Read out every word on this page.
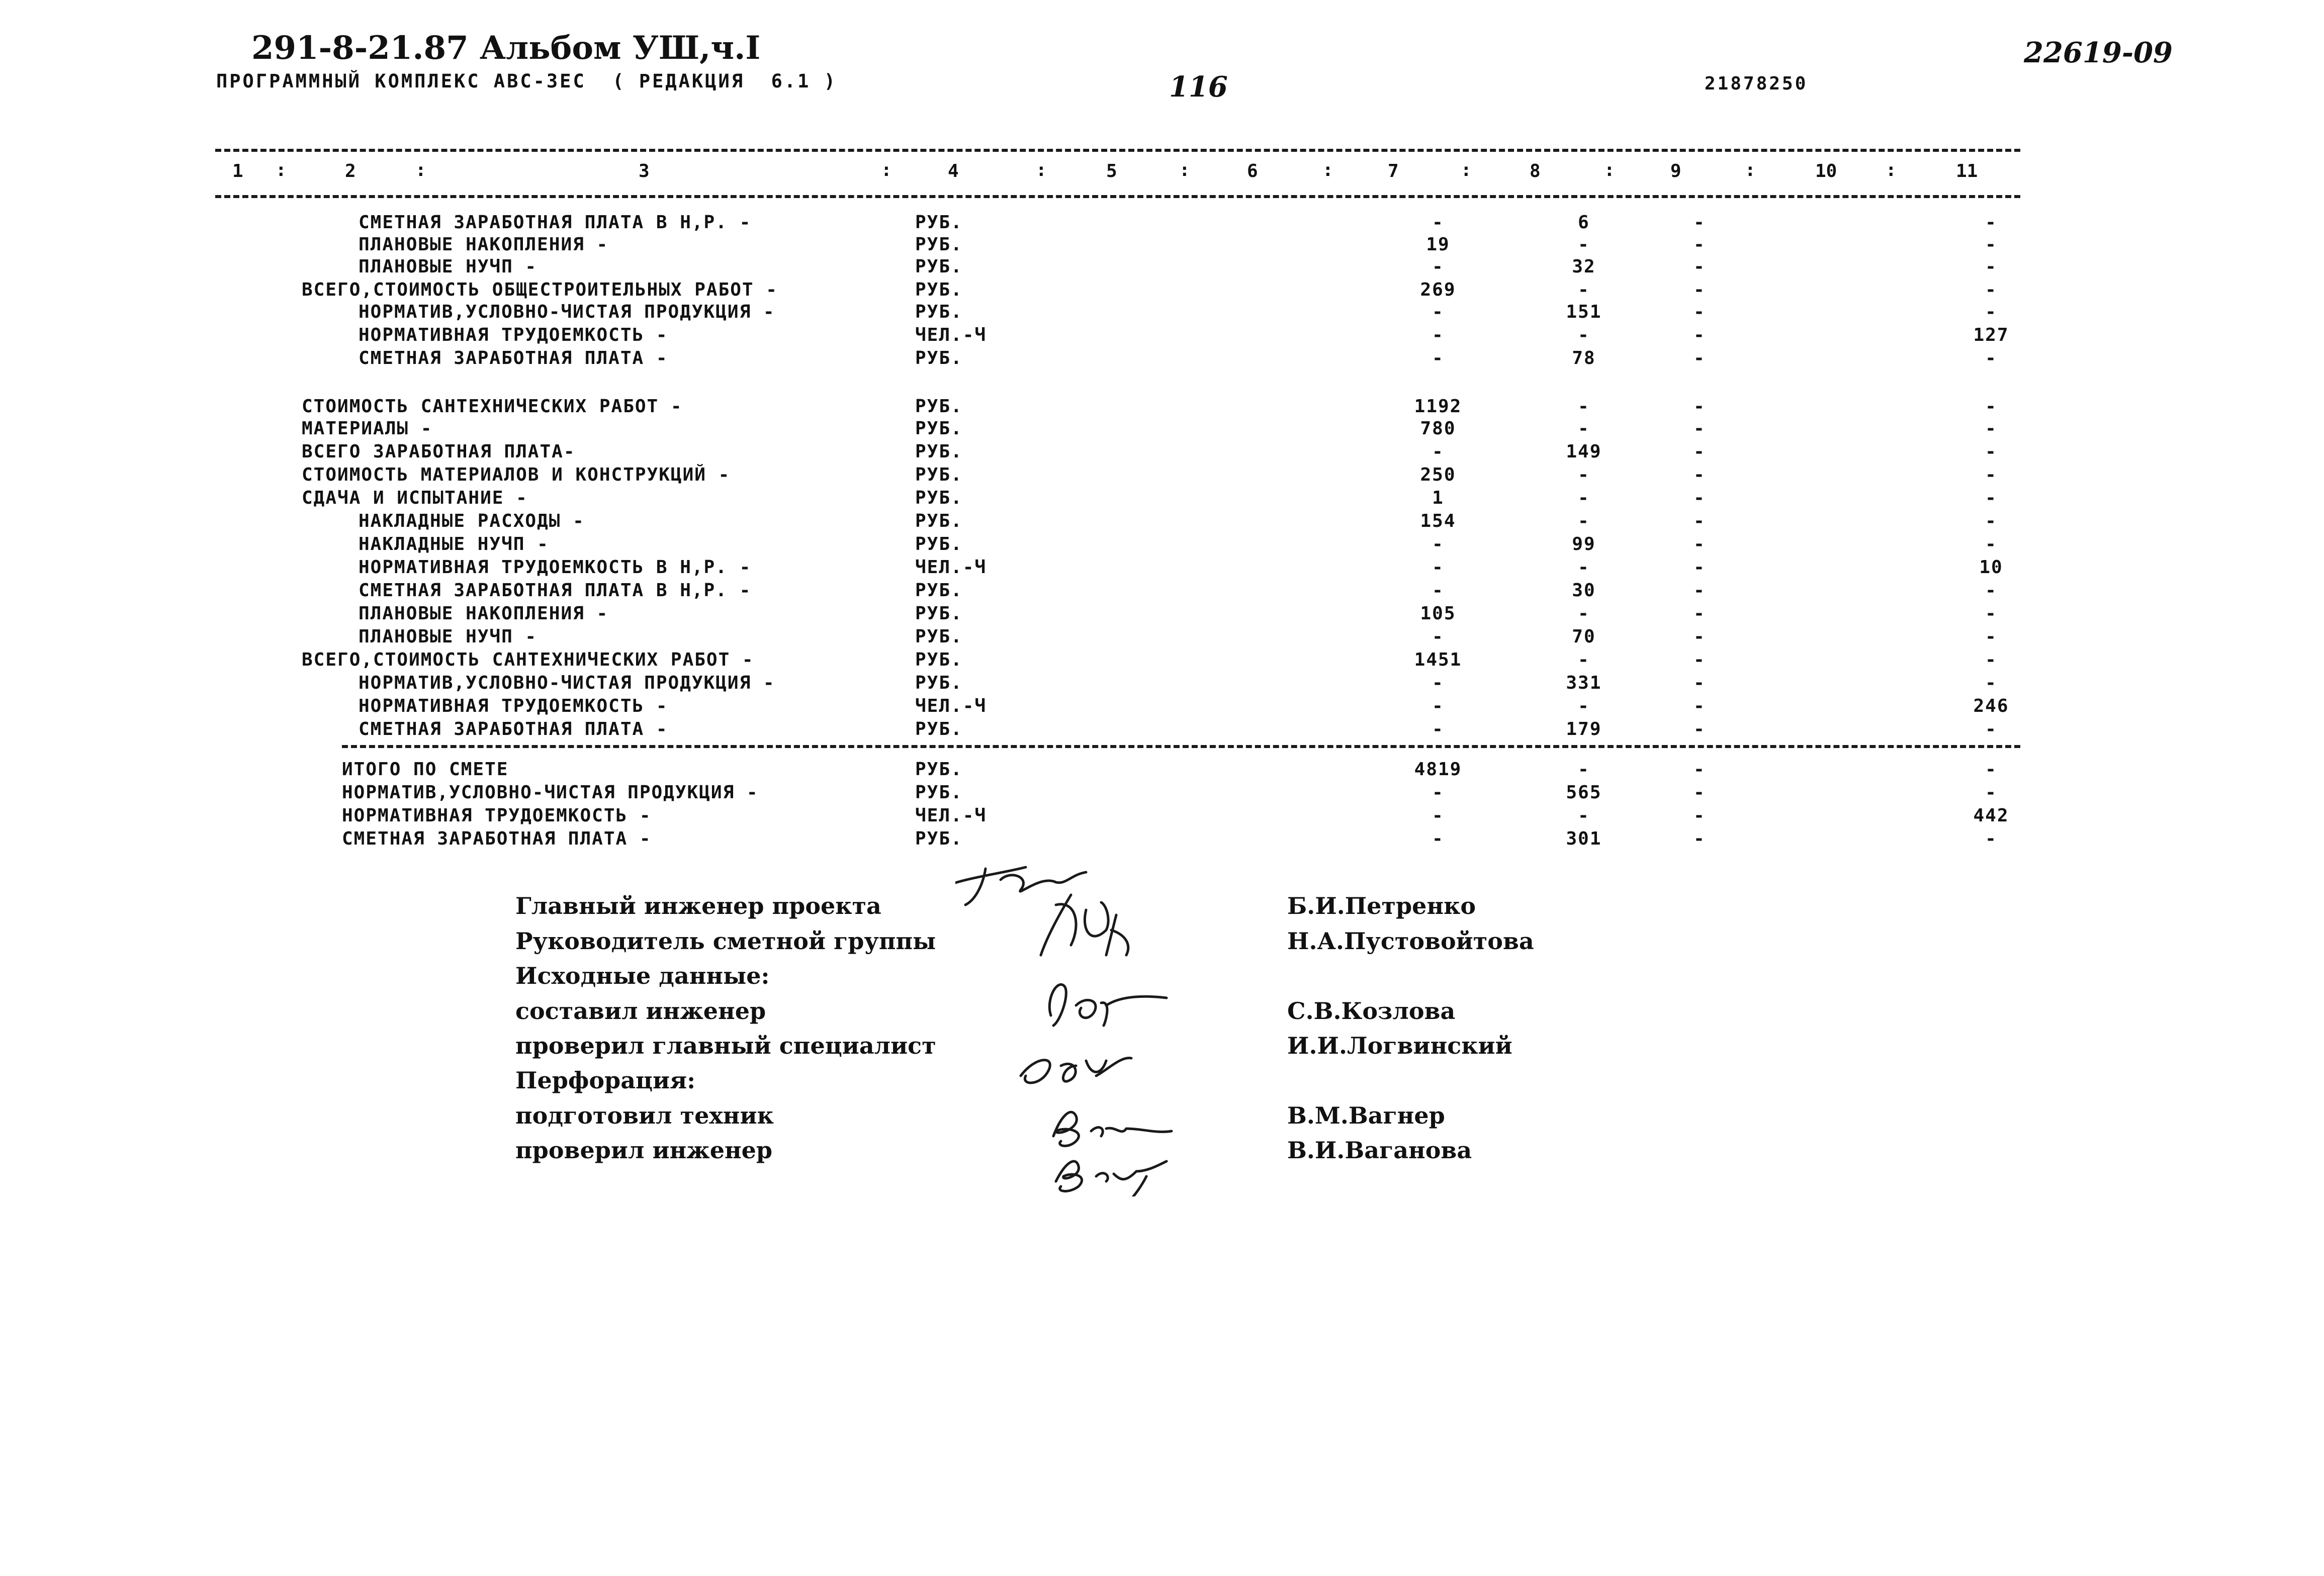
291-8-21.87 Альбом УШ,ч.I
ПРОГРАММНЫЙ КОМПЛЕКС АВС-3ЕС  ( РЕДАКЦИЯ  6.1 )	116	21878250
22619-09
1 :	2	:	3	:	4	:	5	:	6	:	7	:	8	:	9	:	10	:	11
СМЕТНАЯ ЗАРАБОТНАЯ ПЛАТА В Н,Р. -	РУБ.	-	6	-	-
ПЛАНОВЫЕ НАКОПЛЕНИЯ -	РУБ.	19	-	-	-
ПЛАНОВЫЕ НУЧП -	РУБ.	-	32	-	-
ВСЕГО,СТОИМОСТЬ ОБЩЕСТРОИТЕЛЬНЫХ РАБОТ -	РУБ.	269	-	-	-
НОРМАТИВ,УСЛОВНО-ЧИСТАЯ ПРОДУКЦИЯ -	РУБ.	-	151	-	-
НОРМАТИВНАЯ ТРУДОЕМКОСТЬ -	ЧЕЛ.-Ч	-	-	-	127
СМЕТНАЯ ЗАРАБОТНАЯ ПЛАТА -	РУБ.	-	78	-	-
СТОИМОСТЬ САНТЕХНИЧЕСКИХ РАБОТ -	РУБ.	1192	-	-	-
МАТЕРИАЛЫ -	РУБ.	780	-	-	-
ВСЕГО ЗАРАБОТНАЯ ПЛАТА-	РУБ.	-	149	-	-
СТОИМОСТЬ МАТЕРИАЛОВ И КОНСТРУКЦИЙ -	РУБ.	250	-	-	-
СДАЧА И ИСПЫТАНИЕ -	РУБ.	1	-	-	-
НАКЛАДНЫЕ РАСХОДЫ -	РУБ.	154	-	-	-
НАКЛАДНЫЕ НУЧП -	РУБ.	-	99	-	-
НОРМАТИВНАЯ ТРУДОЕМКОСТЬ В Н,Р. -	ЧЕЛ.-Ч	-	-	-	10
СМЕТНАЯ ЗАРАБОТНАЯ ПЛАТА В Н,Р. -	РУБ.	-	30	-	-
ПЛАНОВЫЕ НАКОПЛЕНИЯ -	РУБ.	105	-	-	-
ПЛАНОВЫЕ НУЧП -	РУБ.	-	70	-	-
ВСЕГО,СТОИМОСТЬ САНТЕХНИЧЕСКИХ РАБОТ -	РУБ.	1451	-	-	-
НОРМАТИВ,УСЛОВНО-ЧИСТАЯ ПРОДУКЦИЯ -	РУБ.	-	331	-	-
НОРМАТИВНАЯ ТРУДОЕМКОСТЬ -	ЧЕЛ.-Ч	-	-	-	246
СМЕТНАЯ ЗАРАБОТНАЯ ПЛАТА -	РУБ.	-	179	-	-
ИТОГО ПО СМЕТЕ	РУБ.	4819	-	-	-
НОРМАТИВ,УСЛОВНО-ЧИСТАЯ ПРОДУКЦИЯ -	РУБ.	-	565	-	-
НОРМАТИВНАЯ ТРУДОЕМКОСТЬ -	ЧЕЛ.-Ч	-	-	-	442
СМЕТНАЯ ЗАРАБОТНАЯ ПЛАТА -	РУБ.	-	301	-	-
Главный инженер проекта	Б.И.Петренко
Руководитель сметной группы	Н.А.Пустовойтова
Исходные данные:
составил инженер	С.В.Козлова
проверил главный специалист	И.И.Логвинский
Перфорация:
подготовил техник	В.М.Вагнер
проверил инженер	В.И.Ваганова
